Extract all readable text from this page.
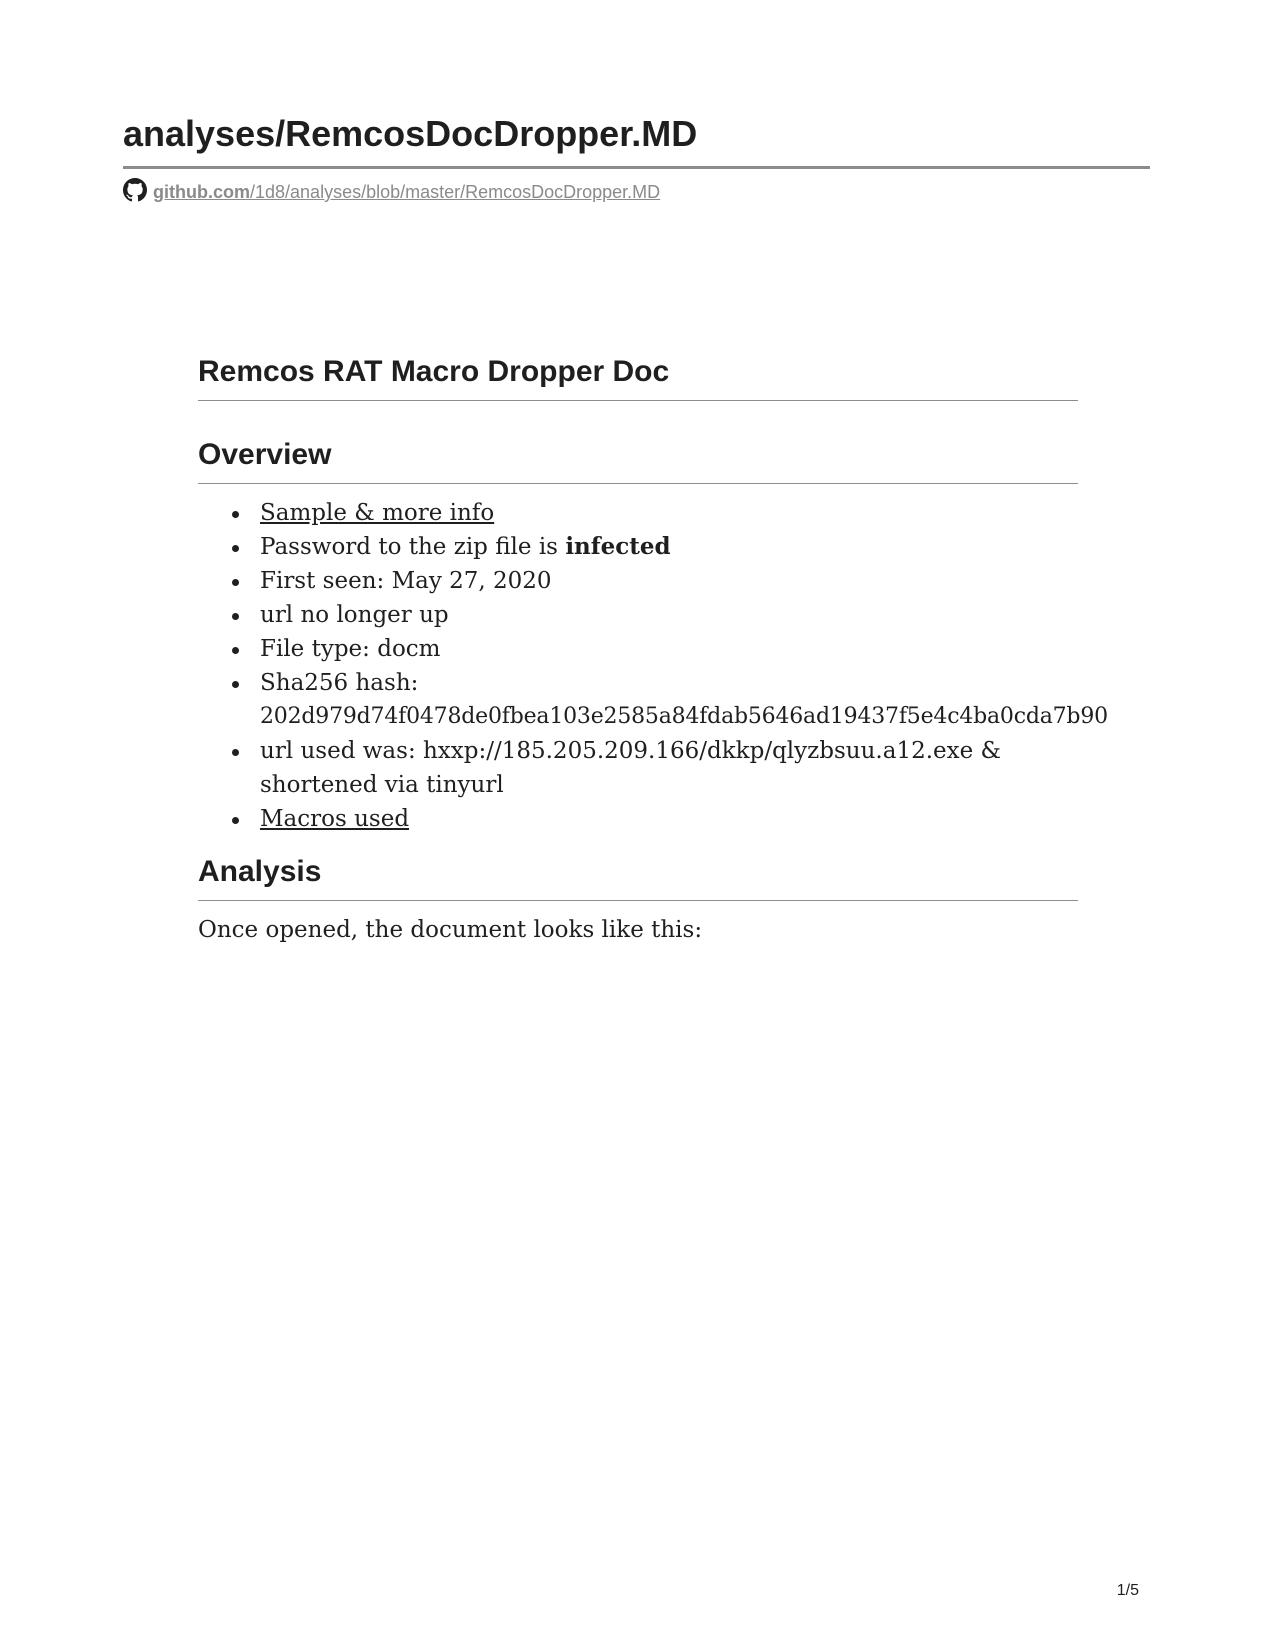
analyses/RemcosDocDropper.MD
github.com/1d8/analyses/blob/master/RemcosDocDropper.MD
Remcos RAT Macro Dropper Doc
Overview
Sample & more info
Password to the zip file is infected
First seen: May 27, 2020
url no longer up
File type: docm
Sha256 hash:
202d979d74f0478de0fbea103e2585a84fdab5646ad19437f5e4c4ba0cda7b90
url used was: hxxp://185.205.209.166/dkkp/qlyzbsuu.a12.exe & shortened via tinyurl
Macros used
Analysis

Once opened, the document looks like this:

1/5
